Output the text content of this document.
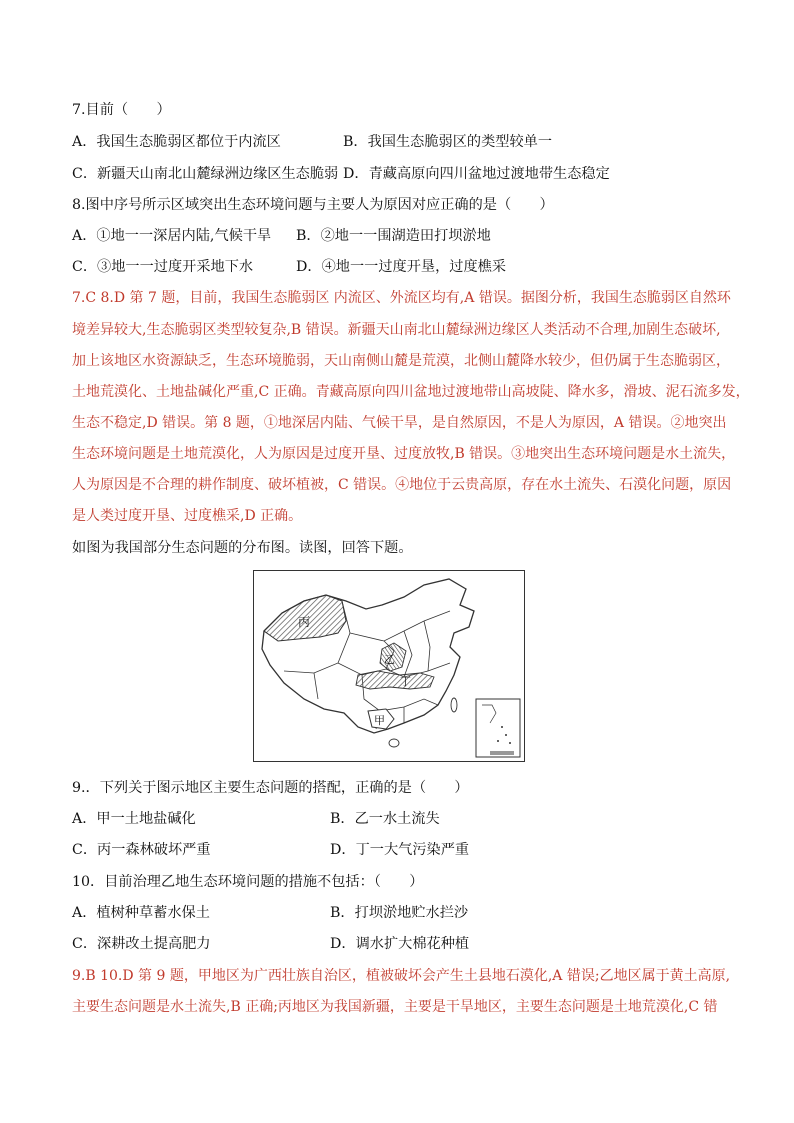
7.目前（　　）
A．我国生态脆弱区都位于内流区	B．我国生态脆弱区的类型较单一
C．新疆天山南北山麓绿洲边缘区生态脆弱 D．青藏高原向四川盆地过渡地带生态稳定
8.图中序号所示区域突出生态环境问题与主要人为原因对应正确的是（　　）
A．①地一一深居内陆,气候干旱 B．②地一一围湖造田打坝淤地
C．③地一一过度开采地下水	D．④地一一过度开垦，过度樵采
7.C 8.D 第 7 题，目前，我国生态脆弱区 内流区、外流区均有,A 错误。据图分析，我国生态脆弱区自然环
境差异较大,生态脆弱区类型较复杂,B 错误。新疆天山南北山麓绿洲边缘区人类活动不合理,加剧生态破坏,
加上该地区水资源缺乏，生态环境脆弱，天山南侧山麓是荒漠，北侧山麓降水较少，但仍属于生态脆弱区，
土地荒漠化、土地盐碱化严重,C 正确。青藏高原向四川盆地过渡地带山高坡陡、降水多，滑坡、泥石流多发，
生态不稳定,D 错误。第 8 题，①地深居内陆、气候干旱，是自然原因，不是人为原因，A 错误。②地突出
生态环境问题是土地荒漠化，人为原因是过度开垦、过度放牧,B 错误。③地突出生态环境问题是水土流失，
人为原因是不合理的耕作制度、破坏植被，C 错误。④地位于云贵高原，存在水土流失、石漠化问题，原因
是人类过度开垦、过度樵采,D 正确。
如图为我国部分生态问题的分布图。读图，回答下题。
丙
乙
丁
甲
9.．下列关于图示地区主要生态问题的搭配，正确的是（　　）
A．甲一土地盐碱化	B．乙一水土流失
C．丙一森林破坏严重	D．丁一大气污染严重
10．目前治理乙地生态环境问题的措施不包括：（　　）
A．植树种草蓄水保土	B．打坝淤地贮水拦沙
C．深耕改土提高肥力	D．调水扩大棉花种植
9.B 10.D 第 9 题，甲地区为广西壮族自治区，植被破坏会产生土县地石漠化,A 错误;乙地区属于黄土高原,
主要生态问题是水土流失,B 正确;丙地区为我国新疆，主要是干旱地区，主要生态问题是土地荒漠化,C 错
